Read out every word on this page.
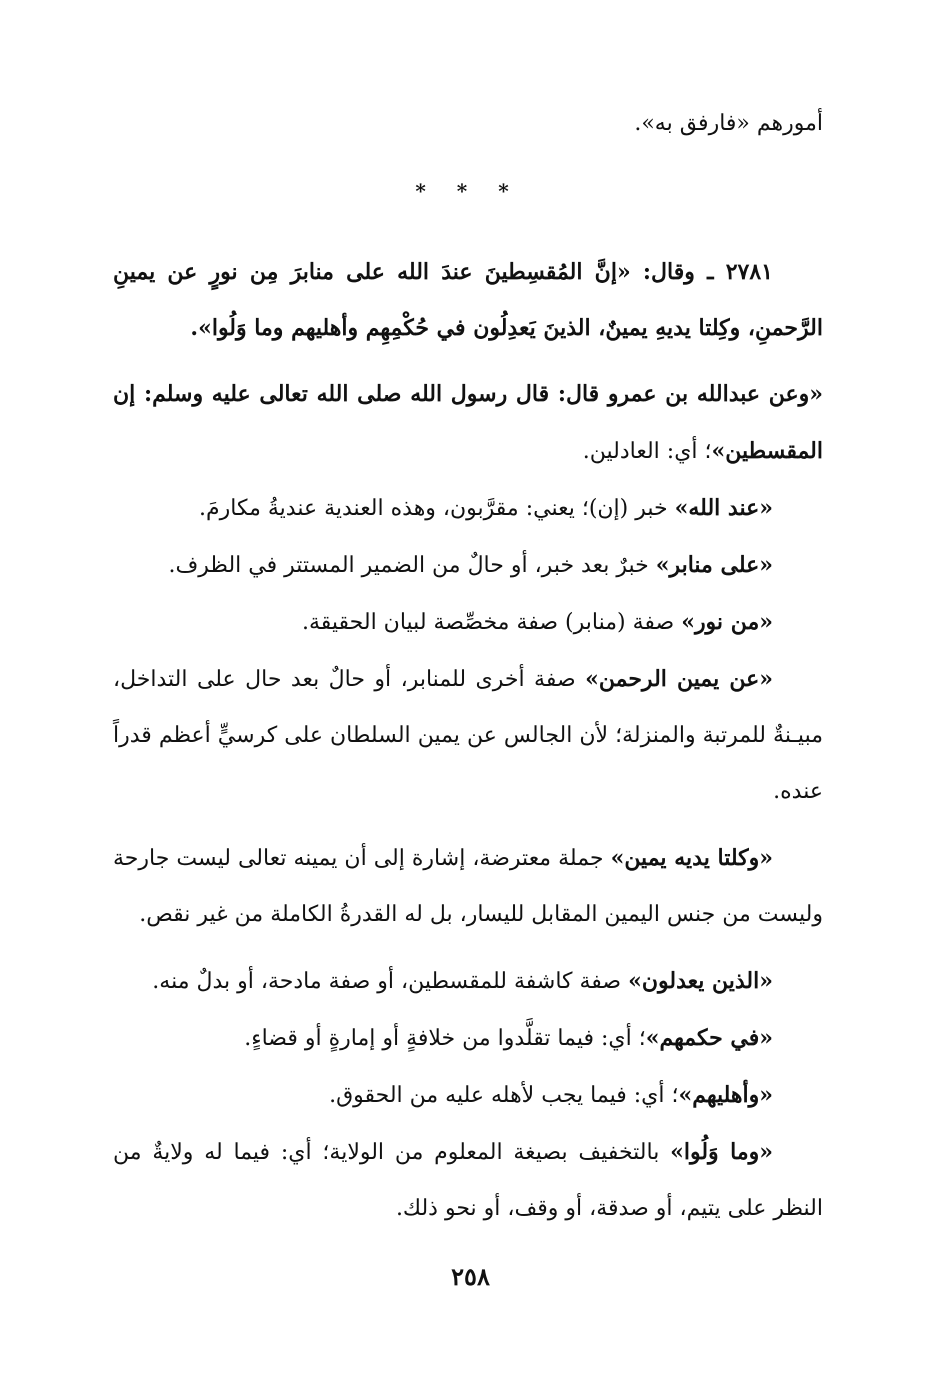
أمورهم «فارفق به».

* * *

٢٧٨١ ـ وقال: «إنَّ المُقسِطينَ عندَ الله على منابرَ مِن نورٍ عن يمينِ الرَّحمنِ، وكِلتا يديهِ يمينٌ، الذينَ يَعدِلُون في حُكْمِهِم وأهليهم وما وَلُوا».

«وعن عبدالله بن عمرو قال: قال رسول الله صلى الله تعالى عليه وسلم: إن المقسطين»؛ أي: العادلين.

«عند الله» خبر (إن)؛ يعني: مقرَّبون، وهذه العندية عنديةُ مكارمَ.

«على منابر» خبرٌ بعد خبر، أو حالٌ من الضمير المستتر في الظرف.

«من نور» صفة (منابر) صفة مخصِّصة لبيان الحقيقة.

«عن يمين الرحمن» صفة أخرى للمنابر، أو حالٌ بعد حال على التداخل، مبيـنةٌ للمرتبة والمنزلة؛ لأن الجالس عن يمين السلطان على كرسيٍّ أعظم قدراً عنده.

«وكلتا يديه يمين» جملة معترضة، إشارة إلى أن يمينه تعالى ليست جارحة وليست من جنس اليمين المقابل لليسار، بل له القدرةُ الكاملة من غير نقص.

«الذين يعدلون» صفة كاشفة للمقسطين، أو صفة مادحة، أو بدلٌ منه.

«في حكمهم»؛ أي: فيما تقلَّدوا من خلافةٍ أو إمارةٍ أو قضاءٍ.

«وأهليهم»؛ أي: فيما يجب لأهله عليه من الحقوق.

«وما وَلُوا» بالتخفيف بصيغة المعلوم من الولاية؛ أي: فيما له ولايةٌ من النظر على يتيم، أو صدقة، أو وقف، أو نحو ذلك.

٢٥٨
